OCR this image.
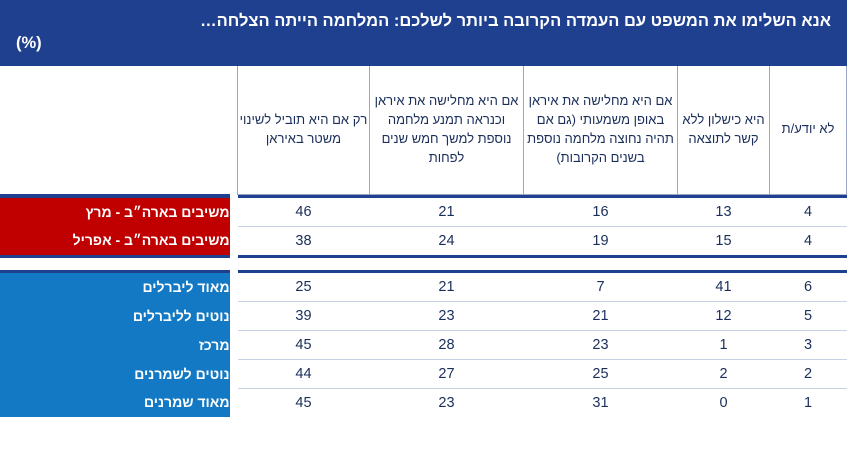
אנא השלימו את המשפט עם העמדה הקרובה ביותר לשלכם: המלחמה הייתה הצלחה…
(%)
לא יודע/ת	היא כישלון ללא קשר לתוצאה	אם היא מחלישה את איראן באופן משמעותי (גם אם תהיה נחוצה מלחמה נוספת בשנים הקרובות)	אם היא מחלישה את איראן וכנראה תמנע מלחמה נוספת למשך חמש שנים לפחות	רק אם היא תוביל לשינוי משטר באיראן		

4	13	16	21	46		משיבים בארה״ב - מרץ
4	15	19	24	38		משיבים בארה״ב - אפריל

6	41	7	21	25		מאוד ליברלים
5	12	21	23	39		נוטים לליברלים
3	1	23	28	45		מרכז
2	2	25	27	44		נוטים לשמרנים
1	0	31	23	45		מאוד שמרנים
